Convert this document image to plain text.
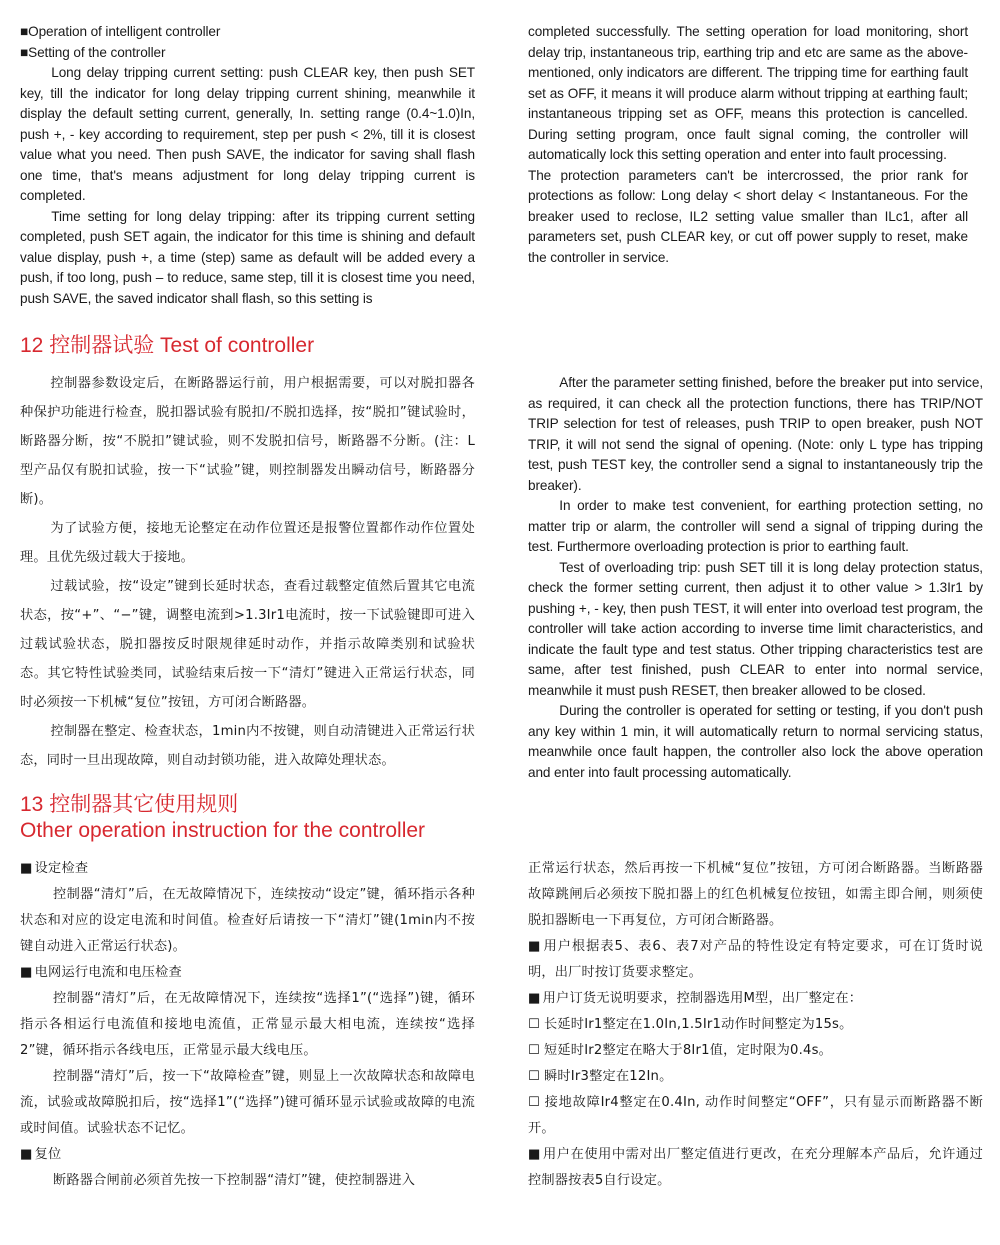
■Operation of intelligent controller

■Setting of the controller

Long delay tripping current setting: push CLEAR key, then push SET key, till the indicator for long delay tripping current shining, meanwhile it display the default setting current, generally, In. setting range (0.4~1.0)In, push +, - key according to requirement, step per push < 2%, till it is closest value what you need. Then push SAVE, the indicator for saving shall flash one time, that's means adjustment for long delay tripping current is completed.

Time setting for long delay tripping: after its tripping current setting completed, push SET again, the indicator for this time is shining and default value display, push +, a time (step) same as default will be added every a push, if too long, push – to reduce, same step, till it is closest time you need, push SAVE, the saved indicator shall flash, so this setting is

completed successfully. The setting operation for load monitoring, short delay trip, instantaneous trip, earthing trip and etc are same as the above-mentioned, only indicators are different. The tripping time for earthing fault set as OFF, it means it will produce alarm without tripping at earthing fault; instantaneous tripping set as OFF, means this protection is cancelled. During setting program, once fault signal coming, the controller will automatically lock this setting operation and enter into fault processing.

The protection parameters can't be intercrossed, the prior rank for protections as follow: Long delay < short delay < Instantaneous. For the breaker used to reclose, IL2 setting value smaller than ILc1, after all parameters set, push CLEAR key, or cut off power supply to reset, make the controller in service.

12 控制器试验 Test of controller

控制器参数设定后，在断路器运行前，用户根据需要，可以对脱扣器各种保护功能进行检查，脱扣器试验有脱扣/不脱扣选择，按“脱扣”键试验时，断路器分断，按“不脱扣”键试验，则不发脱扣信号，断路器不分断。(注：L型产品仅有脱扣试验，按一下“试验”键，则控制器发出瞬动信号，断路器分断)。

为了试验方便，接地无论整定在动作位置还是报警位置都作动作位置处理。且优先级过载大于接地。

过载试验，按“设定”键到长延时状态，查看过载整定值然后置其它电流状态，按“+”、“−”键，调整电流到>1.3Ir1电流时，按一下试验键即可进入过载试验状态，脱扣器按反时限规律延时动作，并指示故障类别和试验状态。其它特性试验类同，试验结束后按一下“清灯”键进入正常运行状态，同时必须按一下机械“复位”按钮，方可闭合断路器。

控制器在整定、检查状态，1min内不按键，则自动清键进入正常运行状态，同时一旦出现故障，则自动封锁功能，进入故障处理状态。

After the parameter setting finished, before the breaker put into service, as required, it can check all the protection functions, there has TRIP/NOT TRIP selection for test of releases, push TRIP to open breaker, push NOT TRIP, it will not send the signal of opening. (Note: only L type has tripping test, push TEST key, the controller send a signal to instantaneously trip the breaker).

In order to make test convenient, for earthing protection setting, no matter trip or alarm, the controller will send a signal of tripping during the test. Furthermore overloading protection is prior to earthing fault.

Test of overloading trip: push SET till it is long delay protection status, check the former setting current, then adjust it to other value > 1.3Ir1 by pushing +, - key, then push TEST, it will enter into overload test program, the controller will take action according to inverse time limit characteristics, and indicate the fault type and test status. Other tripping characteristics test are same, after test finished, push CLEAR to enter into normal service, meanwhile it must push RESET, then breaker allowed to be closed.

During the controller is operated for setting or testing, if you don't push any key within 1 min, it will automatically return to normal servicing status, meanwhile once fault happen, the controller also lock the above operation and enter into fault processing automatically.

13 控制器其它使用规则
Other operation instruction for the controller

■ 设定检查

控制器“清灯”后，在无故障情况下，连续按动“设定”键，循环指示各种状态和对应的设定电流和时间值。检查好后请按一下“清灯”键(1min内不按键自动进入正常运行状态)。

■ 电网运行电流和电压检查

控制器“清灯”后，在无故障情况下，连续按“选择1”(“选择”)键，循环指示各相运行电流值和接地电流值，正常显示最大相电流，连续按“选择2”键，循环指示各线电压，正常显示最大线电压。

控制器“清灯”后，按一下“故障检查”键，则显上一次故障状态和故障电流，试验或故障脱扣后，按“选择1”(“选择”)键可循环显示试验或故障的电流或时间值。试验状态不记忆。

■ 复位

断路器合闸前必须首先按一下控制器“清灯”键，使控制器进入

正常运行状态，然后再按一下机械“复位”按钮，方可闭合断路器。当断路器故障跳闸后必须按下脱扣器上的红色机械复位按钮，如需主即合闸，则须使脱扣器断电一下再复位，方可闭合断路器。

■ 用户根据表5、表6、表7对产品的特性设定有特定要求，可在订货时说明，出厂时按订货要求整定。

■ 用户订货无说明要求，控制器选用M型，出厂整定在：

☐ 长延时Ir1整定在1.0In,1.5Ir1动作时间整定为15s。

☐ 短延时Ir2整定在略大于8Ir1值，定时限为0.4s。

☐ 瞬时Ir3整定在12In。

☐ 接地故障Ir4整定在0.4In, 动作时间整定“OFF”，只有显示而断路器不断开。

■ 用户在使用中需对出厂整定值进行更改，在充分理解本产品后，允许通过控制器按表5自行设定。
